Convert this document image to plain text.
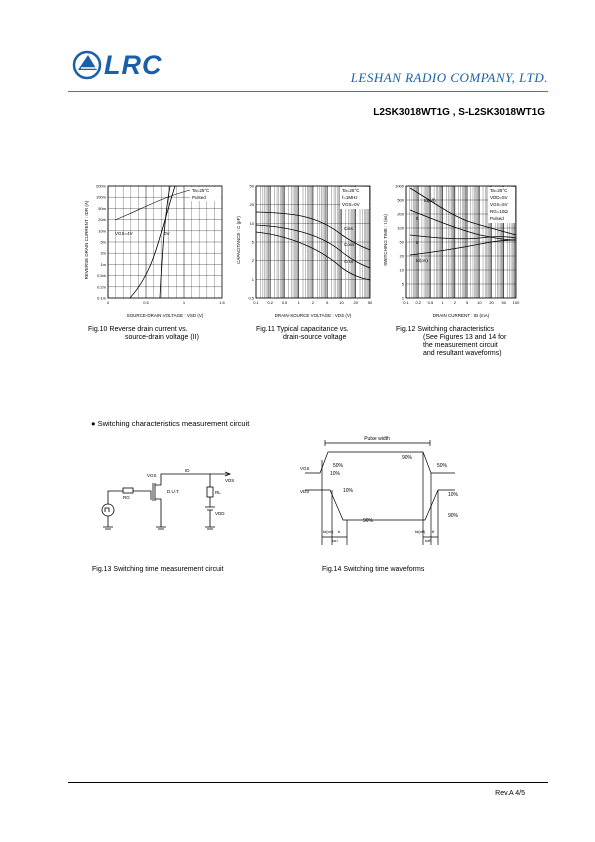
LRC	LESHAN RADIO COMPANY, LTD.
L2SK3018WT1G , S-L2SK3018WT1G
Ta=25°C
Pulsed
VGS=4V	0V
200m
100m
50m
20m
10m
5m
2m
1m
0.5m
0.2m
0.1m
0	0.5	1	1.5
REVERSE DRAIN CURRENT : IDR (A)
SOURCE-DRAIN VOLTAGE : VSD (V)
Ta=25°C
f=1MHz
VGS=0V
Ciss
Coss
Crss
50
20
10
5
2
1
0.5
0.1 0.2 0.5	1	2	5	10 20 50
CAPACITANCE : C (pF)
DRAIN-SOURCE VOLTAGE : VDS (V)
Ta=25°C
VDD=5V
VGS=5V
RG=10Ω
Pulsed
td(off)
tf
tr
td(on)
1000
500
200
100
50
20
10
5
2
0.1 0.2 0.5 1 2 5 10 20 50 100
SWITCHING TIME : t (ns)
DRAIN CURRENT : ID (mA)
Fig.10 Reverse drain current vs.
source-drain voltage (II)
Fig.11 Typical capacitance vs.
drain-source voltage
Fig.12 Switching characteristics
(See Figures 13 and 14 for
the measurement circuit
and resultant waveforms)
● Switching characteristics measurement circuit
VGS
ID
VDS
RG
D.U.T.	RL
VDD
Pulse width
VGS
VDS
50%
10%
90%
50%
10%
90%
10%
90%
td(on) tr
ton
td(off) tf
toff
Fig.13 Switching time measurement circuit	Fig.14 Switching time waveforms
Rev.A 4/5
